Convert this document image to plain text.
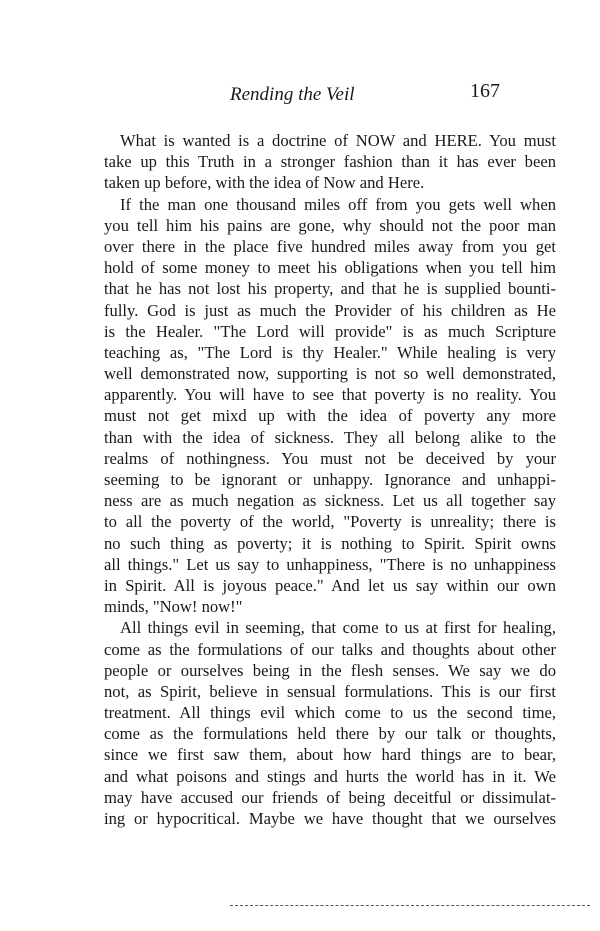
Rending the Veil	167
What is wanted is a doctrine of NOW and HERE. You must
take up this Truth in a stronger fashion than it has ever been
taken up before, with the idea of Now and Here.
If the man one thousand miles off from you gets well when
you tell him his pains are gone, why should not the poor man
over there in the place five hundred miles away from you get
hold of some money to meet his obligations when you tell him
that he has not lost his property, and that he is supplied bounti-
fully. God is just as much the Provider of his children as He
is the Healer. "The Lord will provide" is as much Scripture
teaching as, "The Lord is thy Healer." While healing is very
well demonstrated now, supporting is not so well demonstrated,
apparently. You will have to see that poverty is no reality. You
must not get mixd up with the idea of poverty any more
than with the idea of sickness. They all belong alike to the
realms of nothingness. You must not be deceived by your
seeming to be ignorant or unhappy. Ignorance and unhappi-
ness are as much negation as sickness. Let us all together say
to all the poverty of the world, "Poverty is unreality; there is
no such thing as poverty; it is nothing to Spirit. Spirit owns
all things." Let us say to unhappiness, "There is no unhappiness
in Spirit. All is joyous peace." And let us say within our own
minds, "Now! now!"
All things evil in seeming, that come to us at first for healing,
come as the formulations of our talks and thoughts about other
people or ourselves being in the flesh senses. We say we do
not, as Spirit, believe in sensual formulations. This is our first
treatment. All things evil which come to us the second time,
come as the formulations held there by our talk or thoughts,
since we first saw them, about how hard things are to bear,
and what poisons and stings and hurts the world has in it. We
may have accused our friends of being deceitful or dissimulat-
ing or hypocritical. Maybe we have thought that we ourselves
